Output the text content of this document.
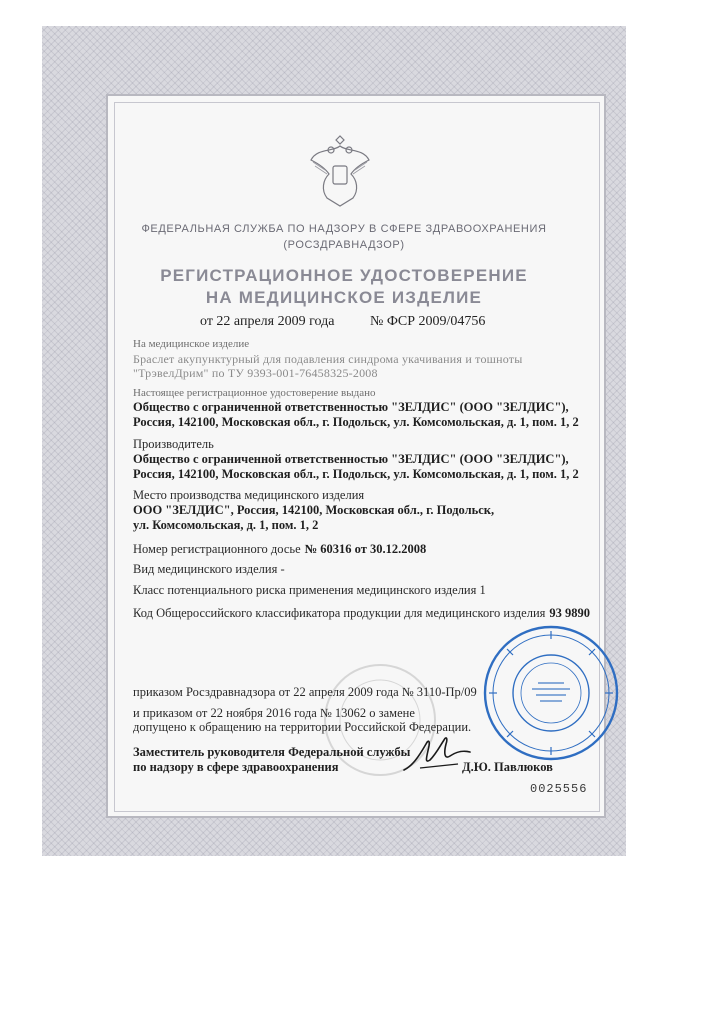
ФЕДЕРАЛЬНАЯ СЛУЖБА ПО НАДЗОРУ В СФЕРЕ ЗДРАВООХРАНЕНИЯ
(РОСЗДРАВНАДЗОР)
РЕГИСТРАЦИОННОЕ УДОСТОВЕРЕНИЕ
НА МЕДИЦИНСКОЕ ИЗДЕЛИЕ
от 22 апреля 2009 года	№ ФСР 2009/04756
На медицинское изделие
Браслет акупунктурный для подавления синдрома укачивания и тошноты
"ТрэвелДрим" по ТУ 9393-001-76458325-2008
Настоящее регистрационное удостоверение выдано
Общество с ограниченной ответственностью "ЗЕЛДИС" (ООО "ЗЕЛДИС"),
Россия, 142100, Московская обл., г. Подольск, ул. Комсомольская, д. 1, пом. 1, 2
Производитель
Общество с ограниченной ответственностью "ЗЕЛДИС" (ООО "ЗЕЛДИС"),
Россия, 142100, Московская обл., г. Подольск, ул. Комсомольская, д. 1, пом. 1, 2
Место производства медицинского изделия
ООО "ЗЕЛДИС", Россия, 142100, Московская обл., г. Подольск,
ул. Комсомольская, д. 1, пом. 1, 2
Номер регистрационного досье № 60316 от 30.12.2008
Вид медицинского изделия -
Класс потенциального риска применения медицинского изделия 1
Код Общероссийского классификатора продукции для медицинского изделия 93 9890
приказом Росздравнадзора от 22 апреля 2009 года № 3110-Пр/09
и приказом от 22 ноября 2016 года № 13062 о замене
допущено к обращению на территории Российской Федерации.
Заместитель руководителя Федеральной службы
по надзору в сфере здравоохранения	Д.Ю. Павлюков
0025556
